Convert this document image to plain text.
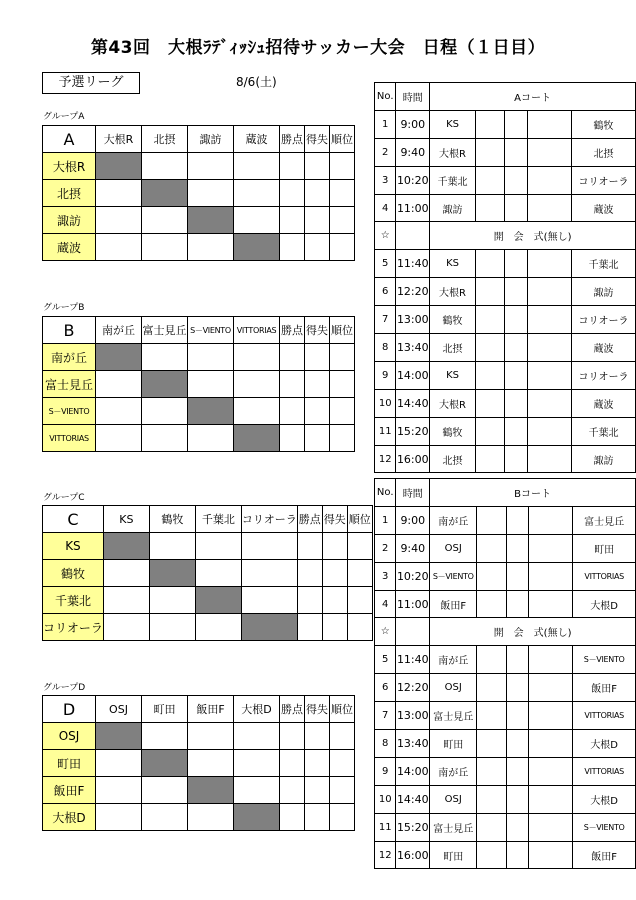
第43回　大根ﾗﾃﾞｨｯｼｭ招待サッカー大会　日程（１日目）
予選リーグ	8/6(土)
グループA
A	大根R	北摂	諏訪	蔵波	勝点	得失	順位
大根R							
北摂							
諏訪							
蔵波							
グループB
B	南が丘	富士見丘	S－VIENTO	VITTORIAS	勝点	得失	順位
南が丘							
富士見丘							
S－VIENTO							
VITTORIAS							
グループC
C	KS	鶴牧	千葉北	コリオーラ	勝点	得失	順位
KS							
鶴牧							
千葉北							
コリオーラ							
グループD
D	OSJ	町田	飯田F	大根D	勝点	得失	順位
OSJ							
町田							
飯田F							
大根D							
No.	時間	Aコート				
1	9:00	KS				鶴牧
2	9:40	大根R				北摂
3	10:20	千葉北				コリオーラ
4	11:00	諏訪				蔵波
☆		開　会　式(無し)				
5	11:40	KS				千葉北
6	12:20	大根R				諏訪
7	13:00	鶴牧				コリオーラ
8	13:40	北摂				蔵波
9	14:00	KS				コリオーラ
10	14:40	大根R				蔵波
11	15:20	鶴牧				千葉北
12	16:00	北摂				諏訪
No.	時間	Bコート				
1	9:00	南が丘				富士見丘
2	9:40	OSJ				町田
3	10:20	S－VIENTO				VITTORIAS
4	11:00	飯田F				大根D
☆		開　会　式(無し)				
5	11:40	南が丘				S－VIENTO
6	12:20	OSJ				飯田F
7	13:00	富士見丘				VITTORIAS
8	13:40	町田				大根D
9	14:00	南が丘				VITTORIAS
10	14:40	OSJ				大根D
11	15:20	富士見丘				S－VIENTO
12	16:00	町田				飯田F
